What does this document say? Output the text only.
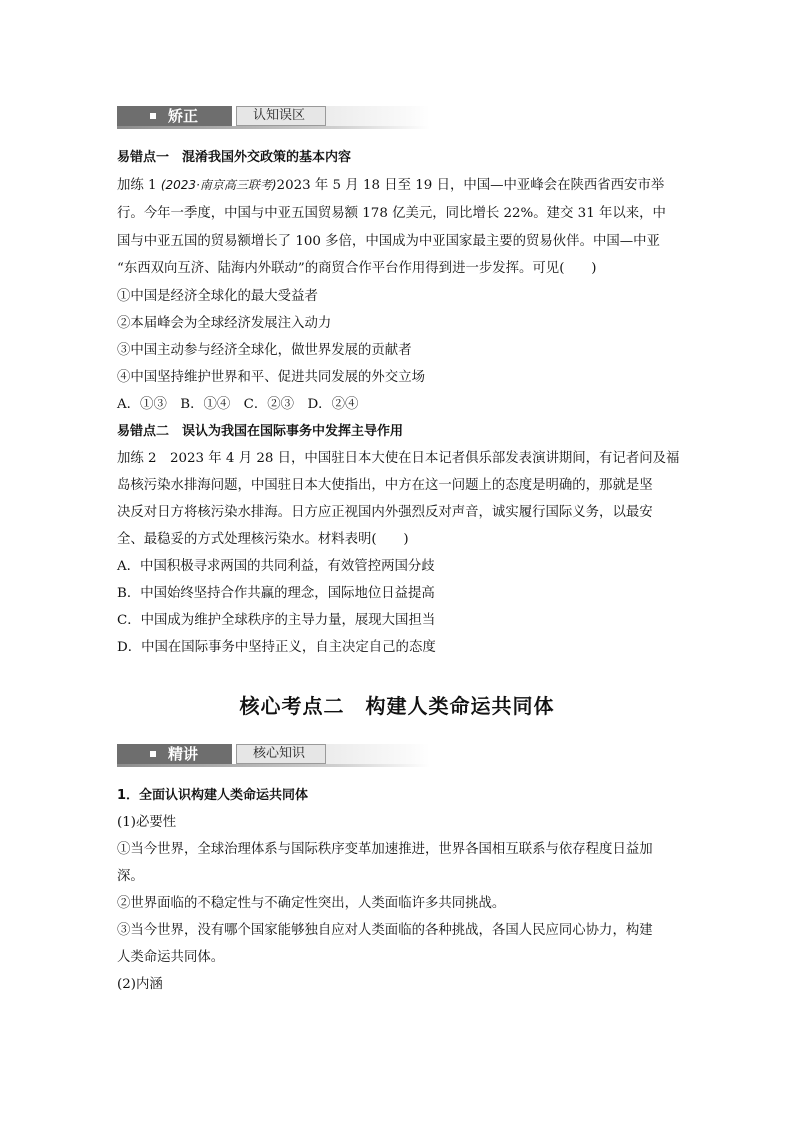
矫正	认知误区
易错点一　 混淆我国外交政策的基本内容
加练 1 (2023·南京高三联考)2023 年 5 月 18 日至 19 日，中国—中亚峰会在陕西省西安市举
行。今年一季度，中国与中亚五国贸易额 178 亿美元，同比增长 22%。建交 31 年以来，中
国与中亚五国的贸易额增长了 100 多倍，中国成为中亚国家最主要的贸易伙伴。中国—中亚
“东西双向互济、陆海内外联动”的商贸合作平台作用得到进一步发挥。可见(　　)
①中国是经济全球化的最大受益者
②本届峰会为全球经济发展注入动力
③中国主动参与经济全球化，做世界发展的贡献者
④中国坚持维护世界和平、促进共同发展的外交立场
A．①③　B．①④　C．②③　D．②④
易错点二　 误认为我国在国际事务中发挥主导作用
加练 2　2023 年 4 月 28 日，中国驻日本大使在日本记者俱乐部发表演讲期间，有记者问及福
岛核污染水排海问题，中国驻日本大使指出，中方在这一问题上的态度是明确的，那就是坚
决反对日方将核污染水排海。日方应正视国内外强烈反对声音，诚实履行国际义务，以最安
全、最稳妥的方式处理核污染水。材料表明(　　)
A．中国积极寻求两国的共同利益，有效管控两国分歧
B．中国始终坚持合作共赢的理念，国际地位日益提高
C．中国成为维护全球秩序的主导力量，展现大国担当
D．中国在国际事务中坚持正义，自主决定自己的态度
核心考点二　构建人类命运共同体
精讲	核心知识
1．全面认识构建人类命运共同体
(1)必要性
①当今世界，全球治理体系与国际秩序变革加速推进，世界各国相互联系与依存程度日益加
深。
②世界面临的不稳定性与不确定性突出，人类面临许多共同挑战。
③当今世界，没有哪个国家能够独自应对人类面临的各种挑战，各国人民应同心协力，构建
人类命运共同体。
(2)内涵
